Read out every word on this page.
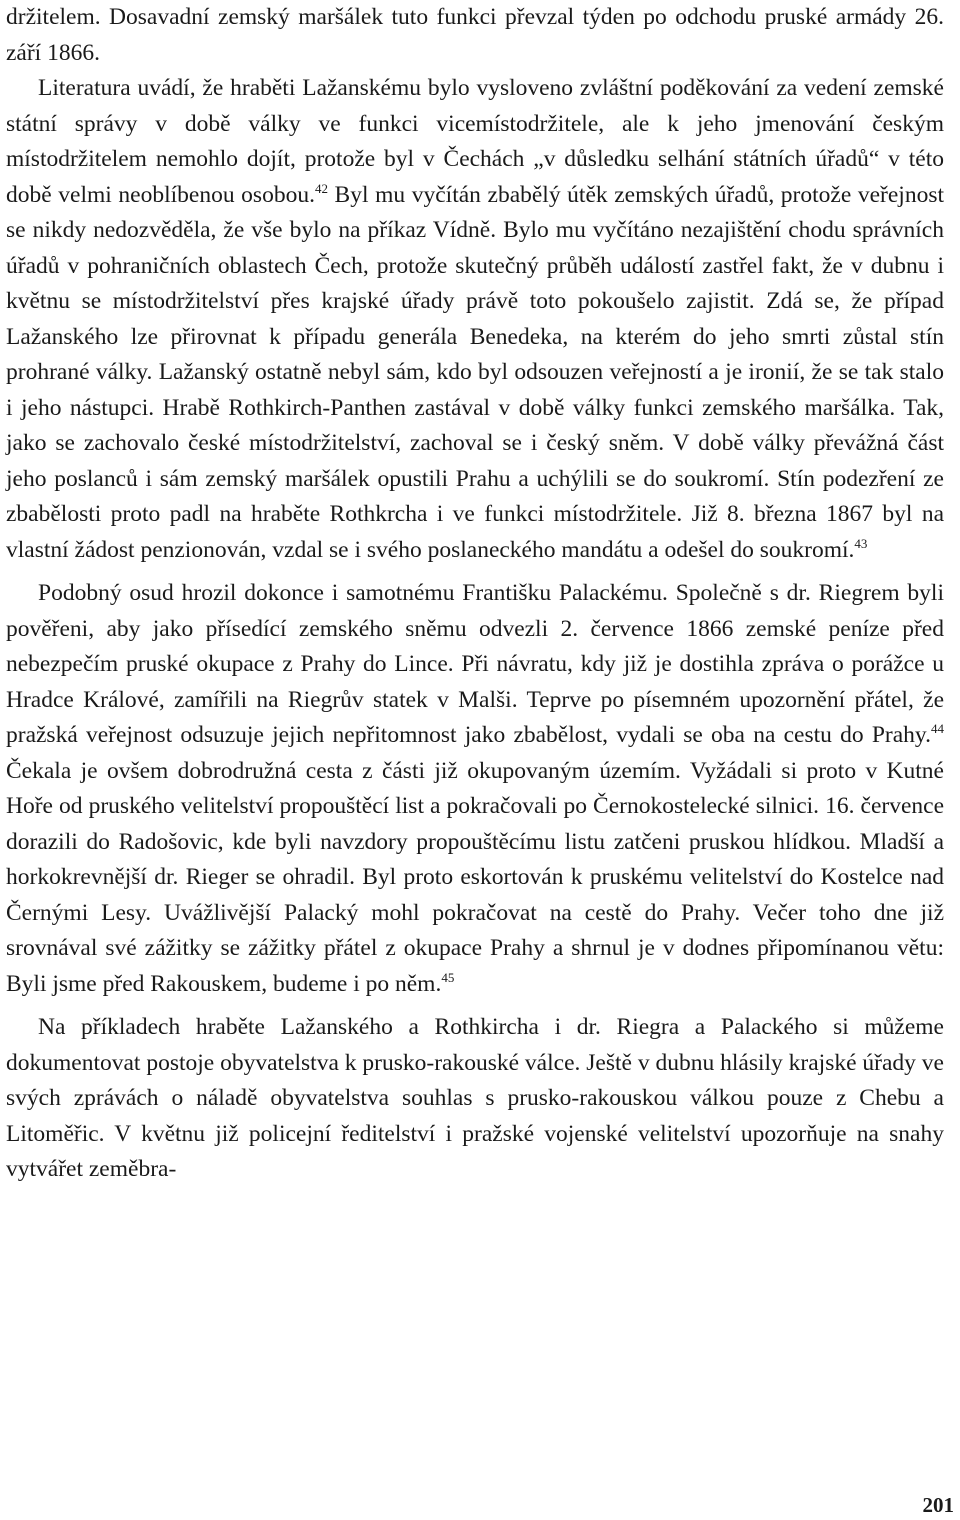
držitelem. Dosavadní zemský maršálek tuto funkci převzal týden po odchodu pruské armády 26. září 1866.

Literatura uvádí, že hraběti Lažanskému bylo vysloveno zvláštní poděkování za vedení zemské státní správy v době války ve funkci vicemístodržitele, ale k jeho jmenování českým místodržitelem nemohlo dojít, protože byl v Čechách „v důsledku selhání státních úřadů“ v této době velmi neoblíbenou osobou.$^{42}$ Byl mu vyčítán zbabělý útěk zemských úřadů, protože veřejnost se nikdy nedozvěděla, že vše bylo na příkaz Vídně. Bylo mu vyčítáno nezajištění chodu správních úřadů v pohraničních oblastech Čech, protože skutečný průběh událostí zastřel fakt, že v dubnu i květnu se místodržitelství přes krajské úřady právě toto pokoušelo zajistit. Zdá se, že případ Lažanského lze přirovnat k případu generála Benedeka, na kterém do jeho smrti zůstal stín prohrané války. Lažanský ostatně nebyl sám, kdo byl odsouzen veřejností a je ironií, že se tak stalo i jeho nástupci. Hrabě Rothkirch-Panthen zastával v době války funkci zemského maršálka. Tak, jako se zachovalo české místodržitelství, zachoval se i český sněm. V době války převážná část jeho poslanců i sám zemský maršálek opustili Prahu a uchýlili se do soukromí. Stín podezření ze zbabělosti proto padl na hraběte Rothkrcha i ve funkci místodržitele. Již 8. března 1867 byl na vlastní žádost penzionován, vzdal se i svého poslaneckého mandátu a odešel do soukromí.$^{43}$

Podobný osud hrozil dokonce i samotnému Františku Palackému. Společně s dr. Riegrem byli pověřeni, aby jako přísedící zemského sněmu odvezli 2. července 1866 zemské peníze před nebezpečím pruské okupace z Prahy do Lince. Při návratu, kdy již je dostihla zpráva o porážce u Hradce Králové, zamířili na Riegrův statek v Malši. Teprve po písemném upozornění přátel, že pražská veřejnost odsuzuje jejich nepřitomnost jako zbabělost, vydali se oba na cestu do Prahy.$^{44}$ Čekala je ovšem dobrodružná cesta z části již okupovaným územím. Vyžádali si proto v Kutné Hoře od pruského velitelství propouštěcí list a pokračovali po Černokostelecké silnici. 16. července dorazili do Radošovic, kde byli navzdory propouštěcímu listu zatčeni pruskou hlídkou. Mladší a horkokrevnější dr. Rieger se ohradil. Byl proto eskortován k pruskému velitelství do Kostelce nad Černými Lesy. Uvážlivější Palacký mohl pokračovat na cestě do Prahy. Večer toho dne již srovnával své zážitky se zážitky přátel z okupace Prahy a shrnul je v dodnes připomínanou větu: Byli jsme před Rakouskem, budeme i po něm.$^{45}$

Na příkladech hraběte Lažanského a Rothkircha i dr. Riegra a Palackého si můžeme dokumentovat postoje obyvatelstva k prusko-rakouské válce. Ještě v dubnu hlásily krajské úřady ve svých zprávách o náladě obyvatelstva souhlas s prusko-rakouskou válkou pouze z Chebu a Litoměřic. V květnu již policejní ředitelství i pražské vojenské velitelství upozorňuje na snahy vytvářet zeměbra-

201
